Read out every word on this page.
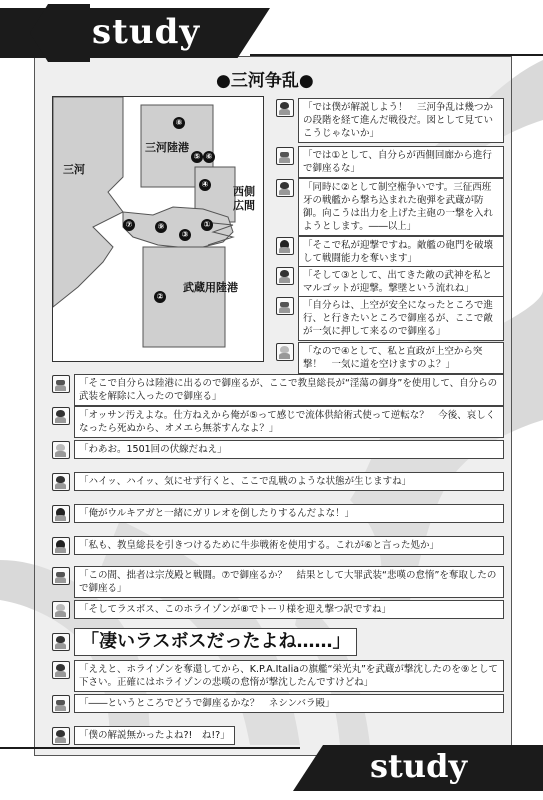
study
●三河争乱●
三河
三河陸港
西側
広間
武蔵用陸港
①
②
③
④
⑤ ⑥
⑦
⑧
⑨
「では僕が解説しよう！　三河争乱は幾つかの段階を経て進んだ戦役だ。図として見ていこうじゃないか」
「では①として、自分らが西側回廊から進行で御座るな」
「同時に②として制空権争いです。三征西班牙の戦艦から撃ち込まれた砲弾を武蔵が防御。向こうは出力を上げた主砲の一撃を入れようとします。――以上」
「そこで私が迎撃ですね。敵艦の砲門を破壊して戦闘能力を奪います」
「そして③として、出てきた敵の武神を私とマルゴットが迎撃。撃墜という流れね」
「自分らは、上空が安全になったところで進行、と行きたいところで御座るが、ここで敵が一気に押して来るので御座る」
「なので④として、私と直政が上空から突撃！　一気に道を空けますのよ？」
「そこで自分らは陸港に出るので御座るが、ここで教皇総長が“淫蕩の御身”を使用して、自分らの武装を解除に入ったので御座る」
「オッサン汚えよな。仕方ねえから俺が⑤って感じで流体供給術式使って逆転な？　今後、哀しくなったら死ぬから、オメエら無茶すんなよ？」
「わあお。1501回の伏線だねえ」
「ハイッ、ハイッ、気にせず行くと、ここで乱戦のような状態が生じますね」
「俺がウルキアガと一緒にガリレオを倒したりするんだよな！」
「私も、教皇総長を引きつけるために牛歩戦術を使用する。これが⑥と言った処か」
「この間、拙者は宗茂殿と戦闘。⑦で御座るか？　結果として大罪武装“悲嘆の怠惰”を奪取したので御座る」
「そしてラスボス、このホライゾンが⑧でトーリ様を迎え撃つ訳ですね」
「凄いラスボスだったよね……」
「ええと、ホライゾンを奪還してから、K.P.A.Italiaの旗艦“栄光丸”を武蔵が撃沈したのを⑨として下さい。正確にはホライゾンの悲嘆の怠惰が撃沈したんですけどね」
「――というところでどうで御座るかな？　ネシンバラ殿」
「僕の解説無かったよね?!　ね!?」
study
